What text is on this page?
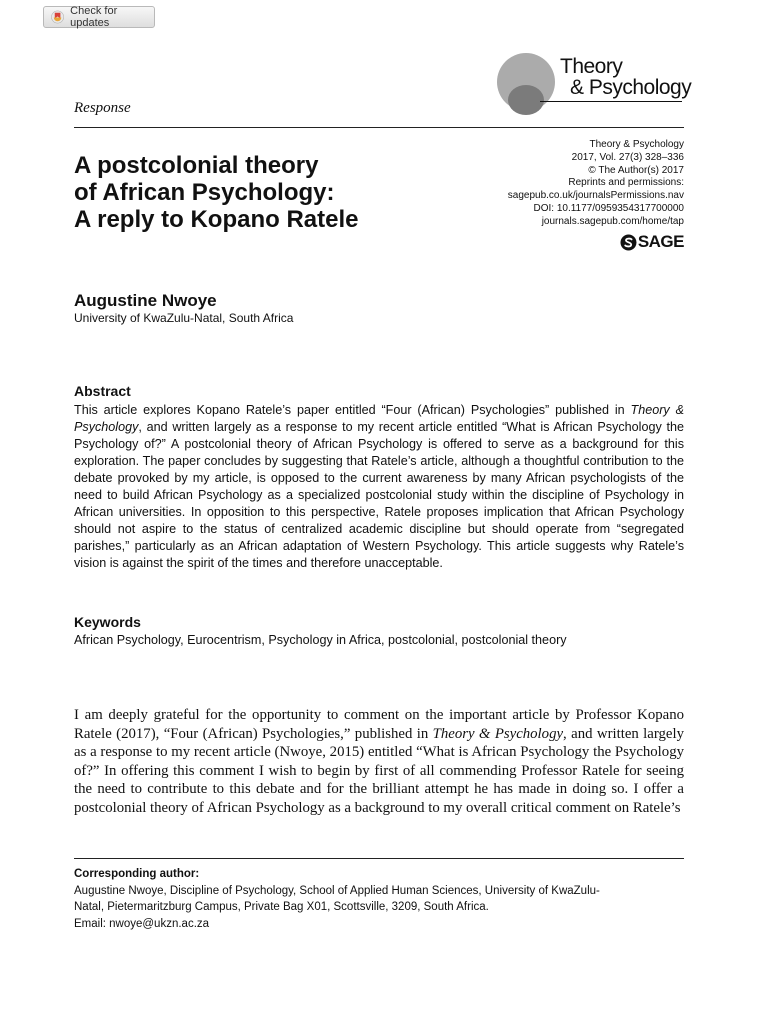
Check for updates
Theory
& Psychology
Response
A postcolonial theory
of African Psychology:
A reply to Kopano Ratele
Theory & Psychology
2017, Vol. 27(3) 328–336
© The Author(s) 2017
Reprints and permissions:
sagepub.co.uk/journalsPermissions.nav
DOI: 10.1177/0959354317700000
journals.sagepub.com/home/tap
SAGE
Augustine Nwoye
University of KwaZulu-Natal, South Africa
Abstract
This article explores Kopano Ratele’s paper entitled “Four (African) Psychologies” published in Theory & Psychology, and written largely as a response to my recent article entitled “What is African Psychology the Psychology of?” A postcolonial theory of African Psychology is offered to serve as a background for this exploration. The paper concludes by suggesting that Ratele’s article, although a thoughtful contribution to the debate provoked by my article, is opposed to the current awareness by many African psychologists of the need to build African Psychology as a specialized postcolonial study within the discipline of Psychology in African universities. In opposition to this perspective, Ratele proposes implication that African Psychology should not aspire to the status of centralized academic discipline but should operate from “segregated parishes,” particularly as an African adaptation of Western Psychology. This article suggests why Ratele’s vision is against the spirit of the times and therefore unacceptable.
Keywords
African Psychology, Eurocentrism, Psychology in Africa, postcolonial, postcolonial theory
I am deeply grateful for the opportunity to comment on the important article by Professor Kopano Ratele (2017), “Four (African) Psychologies,” published in Theory & Psychology, and written largely as a response to my recent article (Nwoye, 2015) entitled “What is African Psychology the Psychology of?” In offering this comment I wish to begin by first of all commending Professor Ratele for seeing the need to contribute to this debate and for the brilliant attempt he has made in doing so. I offer a postcolonial theory of African Psychology as a background to my overall critical comment on Ratele’s
Corresponding author:
Augustine Nwoye, Discipline of Psychology, School of Applied Human Sciences, University of KwaZulu-
Natal, Pietermaritzburg Campus, Private Bag X01, Scottsville, 3209, South Africa.
Email: nwoye@ukzn.ac.za
